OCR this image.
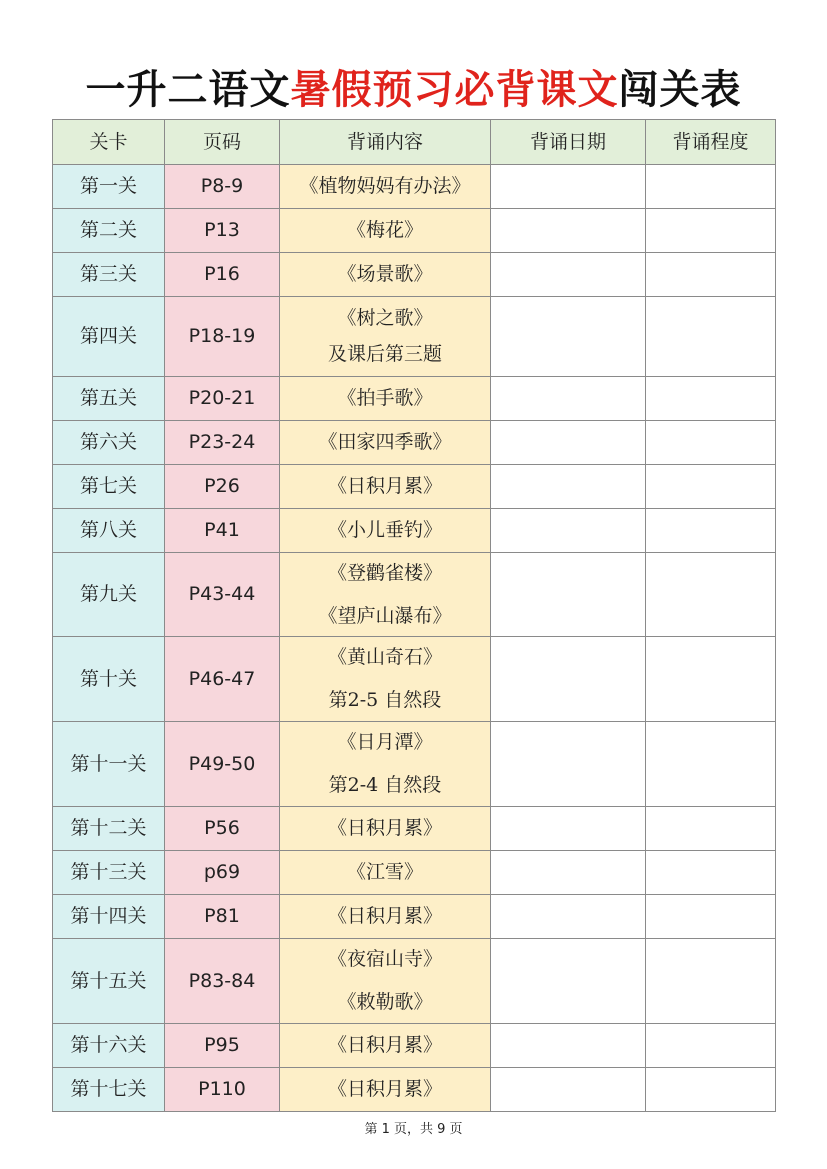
一升二语文暑假预习必背课文闯关表
关卡	页码	背诵内容	背诵日期	背诵程度
第一关	P8-9	《植物妈妈有办法》		

第二关	P13	《梅花》		

第三关	P16	《场景歌》		

第四关	P18-19	《树之歌》
及课后第三题		

第五关	P20-21	《拍手歌》		

第六关	P23-24	《田家四季歌》		

第七关	P26	《日积月累》		

第八关	P41	《小儿垂钓》		

第九关	P43-44	《登鹳雀楼》
《望庐山瀑布》		

第十关	P46-47	《黄山奇石》
第2-5 自然段		

第十一关	P49-50	《日月潭》
第2-4 自然段		

第十二关	P56	《日积月累》		

第十三关	p69	《江雪》		

第十四关	P81	《日积月累》		

第十五关	P83-84	《夜宿山寺》
《敕勒歌》		

第十六关	P95	《日积月累》		

第十七关	P110	《日积月累》		

第 1 页，共 9 页
